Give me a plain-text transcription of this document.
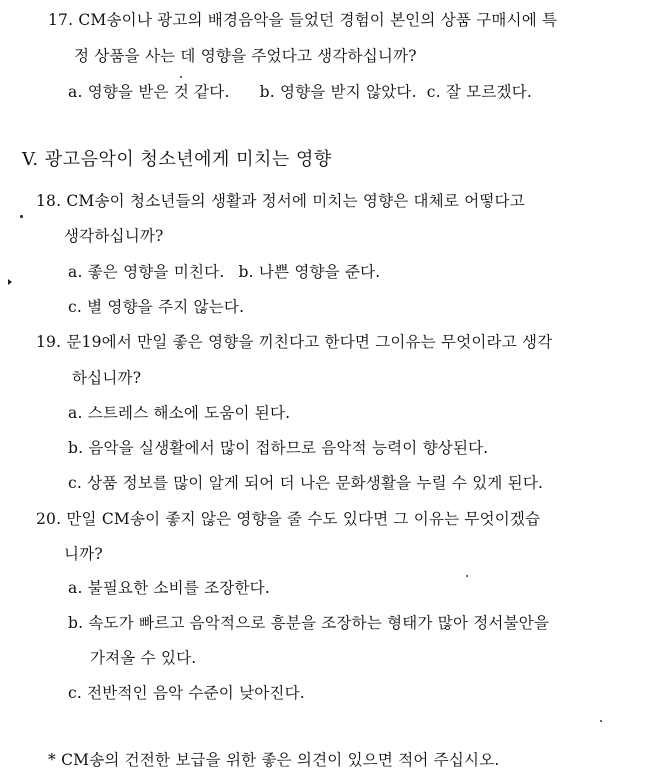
17. CM송이나 광고의 배경음악을 들었던 경험이 본인의 상품 구매시에 특
정 상품을 사는 데 영향을 주었다고 생각하십니까?
a. 영향을 받은 것 같다. b. 영향을 받지 않았다. c. 잘 모르겠다.
V. 광고음악이 청소년에게 미치는 영향
18. CM송이 청소년들의 생활과 정서에 미치는 영향은 대체로 어떻다고
생각하십니까?
a. 좋은 영향을 미친다. b. 나쁜 영향을 준다.
c. 별 영향을 주지 않는다.
19. 문19에서 만일 좋은 영향을 끼친다고 한다면 그이유는 무엇이라고 생각
하십니까?
a. 스트레스 해소에 도움이 된다.
b. 음악을 실생활에서 많이 접하므로 음악적 능력이 향상된다.
c. 상품 정보를 많이 알게 되어 더 나은 문화생활을 누릴 수 있게 된다.
20. 만일 CM송이 좋지 않은 영향을 줄 수도 있다면 그 이유는 무엇이겠습
니까?
a. 불필요한 소비를 조장한다.
b. 속도가 빠르고 음악적으로 흥분을 조장하는 형태가 많아 정서불안을
가져올 수 있다.
c. 전반적인 음악 수준이 낮아진다.
* CM송의 건전한 보급을 위한 좋은 의견이 있으면 적어 주십시오.
